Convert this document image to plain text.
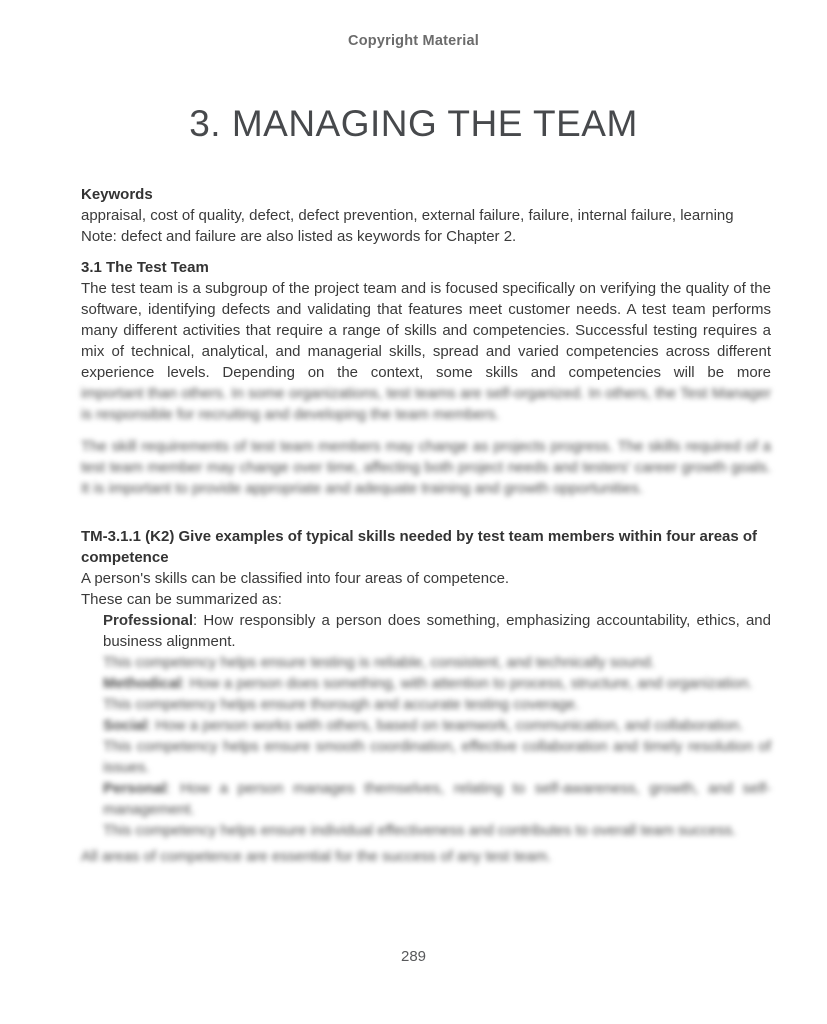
Copyright Material
3. MANAGING THE TEAM
Keywords
appraisal, cost of quality, defect, defect prevention, external failure, failure, internal failure, learning
Note: defect and failure are also listed as keywords for Chapter 2.
3.1 The Test Team
The test team is a subgroup of the project team and is focused specifically on verifying the quality of the software, identifying defects and validating that features meet customer needs. A test team performs many different activities that require a range of skills and competencies. Successful testing requires a mix of technical, analytical, and managerial skills, spread and varied competencies across different experience levels. Depending on the context, some skills and competencies will be more
important than others. In some organizations, test teams are self-organized. In others, the Test Manager is responsible for recruiting and developing the team members.
The skill requirements of test team members may change as projects progress. The skills required of a test team member may change over time, affecting both project needs and testers' career growth goals. It is important to provide appropriate and adequate training and growth opportunities.
TM-3.1.1 (K2) Give examples of typical skills needed by test team members within four areas of competence
A person's skills can be classified into four areas of competence.
These can be summarized as:
Professional: How responsibly a person does something, emphasizing accountability, ethics, and business alignment.
This competency helps ensure testing is reliable, consistent, and technically sound.
Methodical: How a person does something, with attention to process, structure, and organization.
This competency helps ensure thorough and accurate testing coverage.
Social: How a person works with others, based on teamwork, communication, and collaboration.
This competency helps ensure smooth coordination, effective collaboration and timely resolution of issues.
Personal: How a person manages themselves, relating to self-awareness, growth, and self-management.
This competency helps ensure individual effectiveness and contributes to overall team success.
All areas of competence are essential for the success of any test team.
289
